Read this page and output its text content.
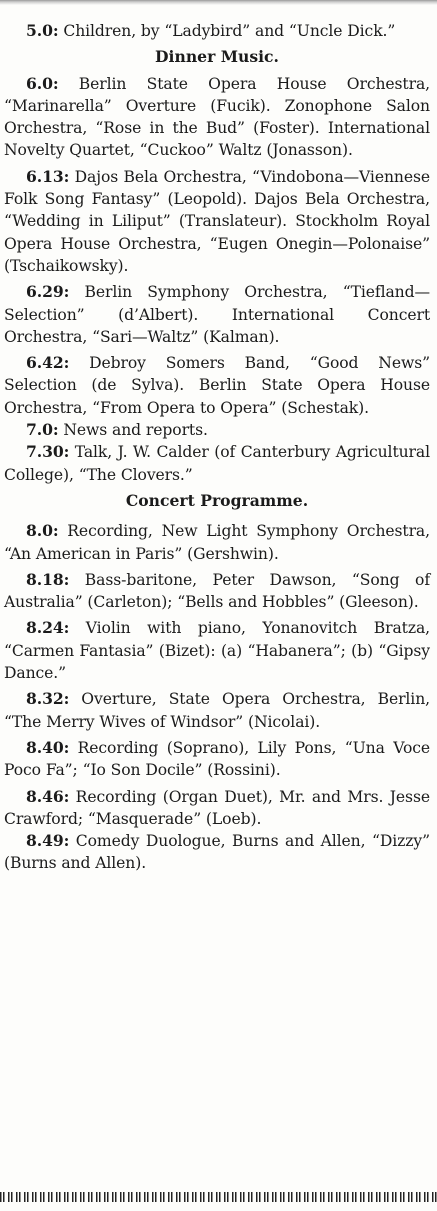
5.0: Children, by “Ladybird” and “Uncle Dick.”

Dinner Music.

6.0: Berlin State Opera House Orchestra, “Marinarella” Overture (Fucik). Zonophone Salon Orchestra, “Rose in the Bud” (Foster). International Novelty Quartet, “Cuckoo” Waltz (Jonasson).

6.13: Dajos Bela Orchestra, “Vindobona—Viennese Folk Song Fantasy” (Leopold). Dajos Bela Orchestra, “Wedding in Liliput” (Translateur). Stockholm Royal Opera House Orchestra, “Eugen Onegin—Polonaise” (Tschaikowsky).

6.29: Berlin Symphony Orchestra, “Tiefland—Selection” (d’Albert). International Concert Orchestra, “Sari—Waltz” (Kalman).

6.42: Debroy Somers Band, “Good News” Selection (de Sylva). Berlin State Opera House Orchestra, “From Opera to Opera” (Schestak).

7.0: News and reports.

7.30: Talk, J. W. Calder (of Canterbury Agricultural College), “The Clovers.”

Concert Programme.

8.0: Recording, New Light Symphony Orchestra, “An American in Paris” (Gershwin).

8.18: Bass-baritone, Peter Dawson, “Song of Australia” (Carleton); “Bells and Hobbles” (Gleeson).

8.24: Violin with piano, Yonanovitch Bratza, “Carmen Fantasia” (Bizet): (a) “Habanera”; (b) “Gipsy Dance.”

8.32: Overture, State Opera Orchestra, Berlin, “The Merry Wives of Windsor” (Nicolai).

8.40: Recording (Soprano), Lily Pons, “Una Voce Poco Fa”; “Io Son Docile” (Rossini).

8.46: Recording (Organ Duet), Mr. and Mrs. Jesse Crawford; “Masquerade” (Loeb).

8.49: Comedy Duologue, Burns and Allen, “Dizzy” (Burns and Allen).
